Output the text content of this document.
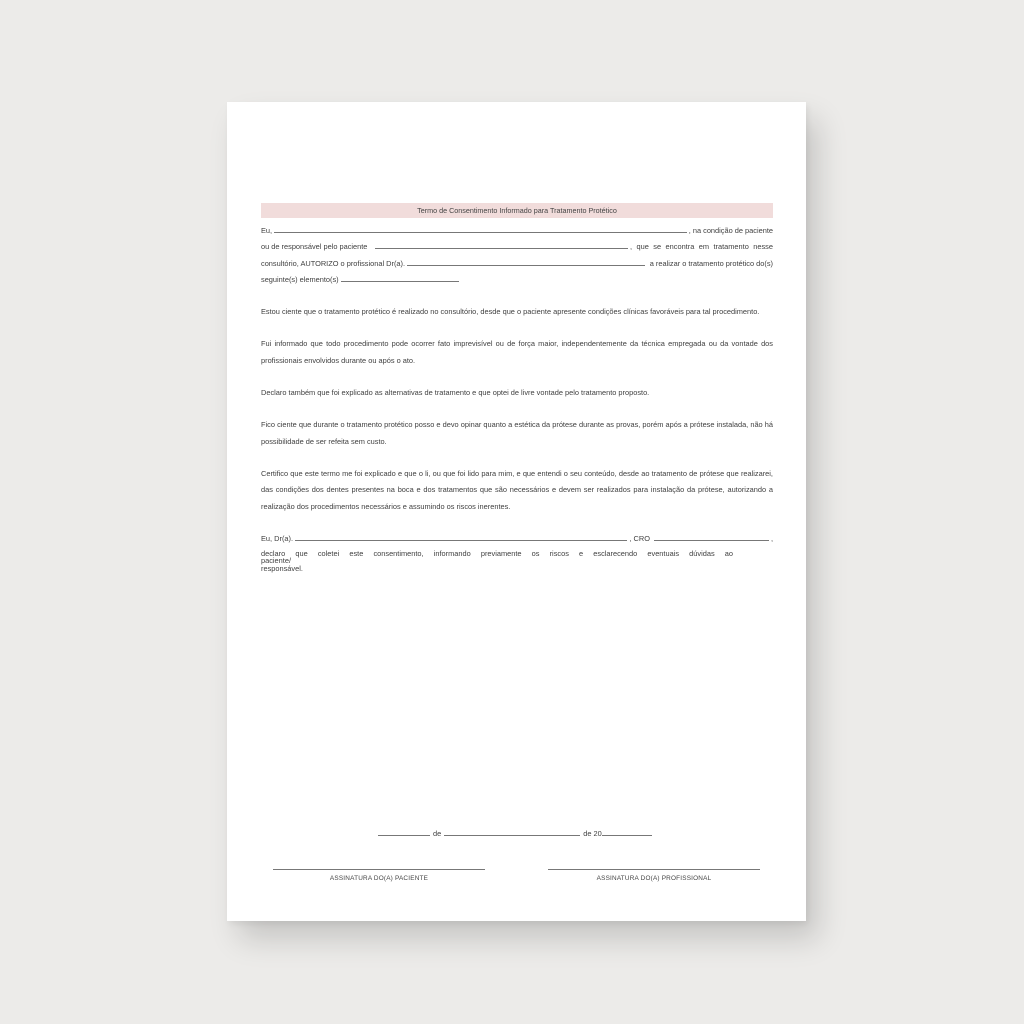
Termo de Consentimento Informado para Tratamento Protético
Eu,	, na condição de paciente
ou de responsável pelo paciente	, que se encontra em tratamento nesse
consultório, AUTORIZO o profissional Dr(a).	a realizar o tratamento protético do(s)
seguinte(s) elemento(s)
Estou ciente que o tratamento protético é realizado no consultório, desde que o paciente apresente condições clínicas favoráveis para tal procedimento.
Fui informado que todo procedimento pode ocorrer fato imprevisível ou de força maior, independentemente da técnica empregada ou da vontade dos profissionais envolvidos durante ou após o ato.
Declaro também que foi explicado as alternativas de tratamento e que optei de livre vontade pelo tratamento proposto.
Fico ciente que durante o tratamento protético posso e devo opinar quanto a estética da prótese durante as provas, porém após a prótese instalada, não há possibilidade de ser refeita sem custo.
Certifico que este termo me foi explicado e que o li, ou que foi lido para mim, e que entendi o seu conteúdo, desde ao tratamento de prótese que realizarei, das condições dos dentes presentes na boca e dos tratamentos que são necessários e devem ser realizados para instalação da prótese, autorizando a realização dos procedimentos necessários e assumindo os riscos inerentes.
Eu, Dr(a).	, CRO	,
declaro que coletei este consentimento, informando previamente os riscos e esclarecendo eventuais dúvidas ao
paciente/
responsável.
de	de 20
ASSINATURA DO(A) PACIENTE	ASSINATURA DO(A) PROFISSIONAL
